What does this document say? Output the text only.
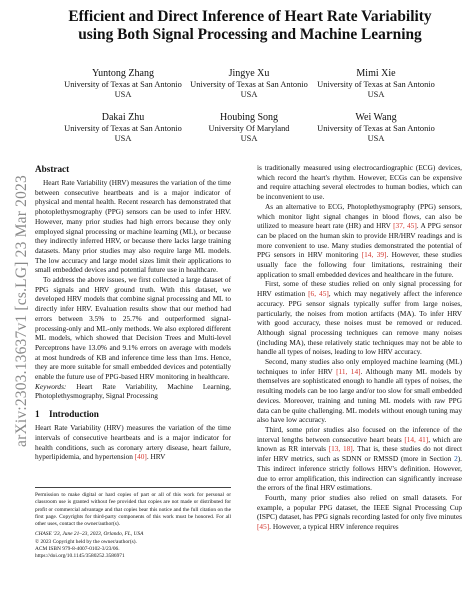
arXiv:2303.13637v1 [cs.LG] 23 Mar 2023
Efficient and Direct Inference of Heart Rate Variability
using Both Signal Processing and Machine Learning
Yuntong Zhang
University of Texas at San Antonio
USA
Jingye Xu
University of Texas at San Antonio
USA
Mimi Xie
University of Texas at San Antonio
USA
Dakai Zhu
University of Texas at San Antonio
USA
Houbing Song
University Of Maryland
USA
Wei Wang
University of Texas at San Antonio
USA
Abstract

Heart Rate Variability (HRV) measures the variation of the time between consecutive heartbeats and is a major indicator of physical and mental health. Recent research has demonstrated that photoplethysmography (PPG) sensors can be used to infer HRV. However, many prior studies had high errors because they only employed signal processing or machine learning (ML), or because they indirectly inferred HRV, or because there lacks large training datasets. Many prior studies may also require large ML models. The low accuracy and large model sizes limit their applications to small embedded devices and potential future use in healthcare.

To address the above issues, we first collected a large dataset of PPG signals and HRV ground truth. With this dataset, we developed HRV models that combine signal processing and ML to directly infer HRV. Evaluation results show that our method had errors between 3.5% to 25.7% and outperformed signal-processing-only and ML-only methods. We also explored different ML models, which showed that Decision Trees and Multi-level Perceptrons have 13.0% and 9.1% errors on average with models at most hundreds of KB and inference time less than 1ms. Hence, they are more suitable for small embedded devices and potentially enable the future use of PPG-based HRV monitoring in healthcare.

Keywords: Heart Rate Variability, Machine Learning, Photoplethysmography, Signal Processing

1 Introduction

Heart Rate Variability (HRV) measures the variation of the time intervals of consecutive heartbeats and is a major indicator for health conditions, such as coronary artery disease, heart failure, hyperlipidemia, and hypertension [40]. HRV

Permission to make digital or hard copies of part or all of this work for personal or classroom use is granted without fee provided that copies are not made or distributed for profit or commercial advantage and that copies bear this notice and the full citation on the first page. Copyrights for third-party components of this work must be honored. For all other uses, contact the owner/author(s).

CHASE '23, June 21–23, 2023, Orlando, FL, USA

© 2023 Copyright held by the owner/author(s).

ACM ISBN 979-8-4007-0102-3/23/06.

https://doi.org/10.1145/3580252.3586971

is traditionally measured using electrocardiographic (ECG) devices, which record the heart's rhythm. However, ECGs can be expensive and require attaching several electrodes to human bodies, which can be inconvenient to use.

As an alternative to ECG, Photoplethysmography (PPG) sensors, which monitor light signal changes in blood flows, can also be utilized to measure heart rate (HR) and HRV [37, 45]. A PPG sensor can be placed on the human skin to provide HR/HRV readings and is more convenient to use. Many studies demonstrated the potential of PPG sensors in HRV monitoring [14, 39]. However, these studies usually face the following four limitations, restraining their application to small embedded devices and healthcare in the future.

First, some of these studies relied on only signal processing for HRV estimation [6, 45], which may negatively affect the inference accuracy. PPG sensor signals typically suffer from large noises, particularly, the noises from motion artifacts (MA). To infer HRV with good accuracy, these noises must be removed or reduced. Although signal processing techniques can remove many noises (including MA), these relatively static techniques may not be able to handle all types of noises, leading to low HRV accuracy.

Second, many studies also only employed machine learning (ML) techniques to infer HRV [11, 14]. Although many ML models by themselves are sophisticated enough to handle all types of noises, the resulting models can be too large and/or too slow for small embedded devices. Moreover, training and tuning ML models with raw PPG data can be quite challenging. ML models without enough tuning may also have low accuracy.

Third, some prior studies also focused on the inference of the interval lengths between consecutive heart beats [14, 41], which are known as RR intervals [13, 18]. That is, these studies do not direct infer HRV metrics, such as SDNN or RMSSD (more in Section 2). This indirect inference strictly follows HRV's definition. However, due to error amplification, this indirection can significantly increase the errors of the final HRV estimations.

Fourth, many prior studies also relied on small datasets. For example, a popular PPG dataset, the IEEE Signal Processing Cup (ISPC) dataset, has PPG signals recording lasted for only five minutes [45]. However, a typical HRV inference requires
